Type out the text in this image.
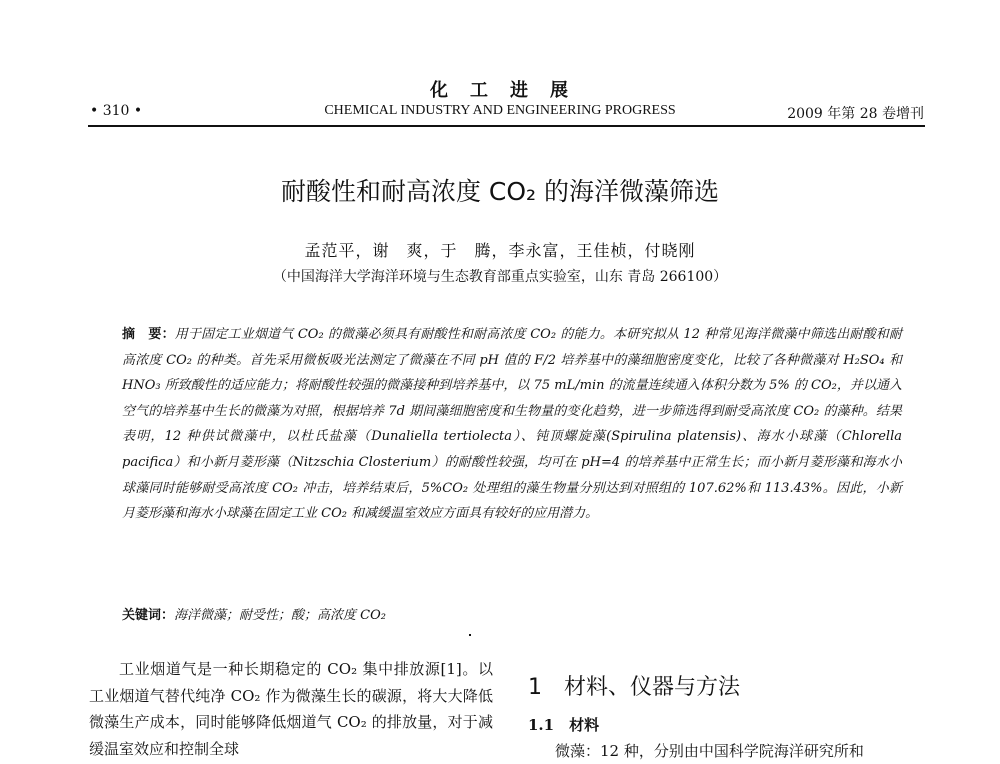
化　工　进　展
• 310 •	CHEMICAL INDUSTRY AND ENGINEERING PROGRESS	2009 年第 28 卷增刊
耐酸性和耐高浓度 CO₂ 的海洋微藻筛选
孟范平，谢　爽，于　腾，李永富，王佳桢，付晓刚
（中国海洋大学海洋环境与生态教育部重点实验室，山东 青岛 266100）
摘　要：用于固定工业烟道气 CO₂ 的微藻必须具有耐酸性和耐高浓度 CO₂ 的能力。本研究拟从 12 种常见海洋微藻中筛选出耐酸和耐高浓度 CO₂ 的种类。首先采用微板吸光法测定了微藻在不同 pH 值的 F/2 培养基中的藻细胞密度变化，比较了各种微藻对 H₂SO₄ 和 HNO₃ 所致酸性的适应能力；将耐酸性较强的微藻接种到培养基中，以 75 mL/min 的流量连续通入体积分数为 5% 的 CO₂，并以通入空气的培养基中生长的微藻为对照，根据培养 7d 期间藻细胞密度和生物量的变化趋势，进一步筛选得到耐受高浓度 CO₂ 的藻种。结果表明，12 种供试微藻中，以杜氏盐藻（Dunaliella tertiolecta）、钝顶螺旋藻(Spirulina platensis)、海水小球藻（Chlorella pacifica）和小新月菱形藻（Nitzschia Closterium）的耐酸性较强，均可在 pH=4 的培养基中正常生长；而小新月菱形藻和海水小球藻同时能够耐受高浓度 CO₂ 冲击，培养结束后，5%CO₂ 处理组的藻生物量分别达到对照组的 107.62%和 113.43%。因此，小新月菱形藻和海水小球藻在固定工业 CO₂ 和减缓温室效应方面具有较好的应用潜力。
关键词：海洋微藻；耐受性；酸；高浓度 CO₂
工业烟道气是一种长期稳定的 CO₂ 集中排放源[1]。以工业烟道气替代纯净 CO₂ 作为微藻生长的碳源，将大大降低微藻生产成本，同时能够降低烟道气 CO₂ 的排放量，对于减缓温室效应和控制全球
1　材料、仪器与方法
1.1　材料
微藻：12 种，分别由中国科学院海洋研究所和
